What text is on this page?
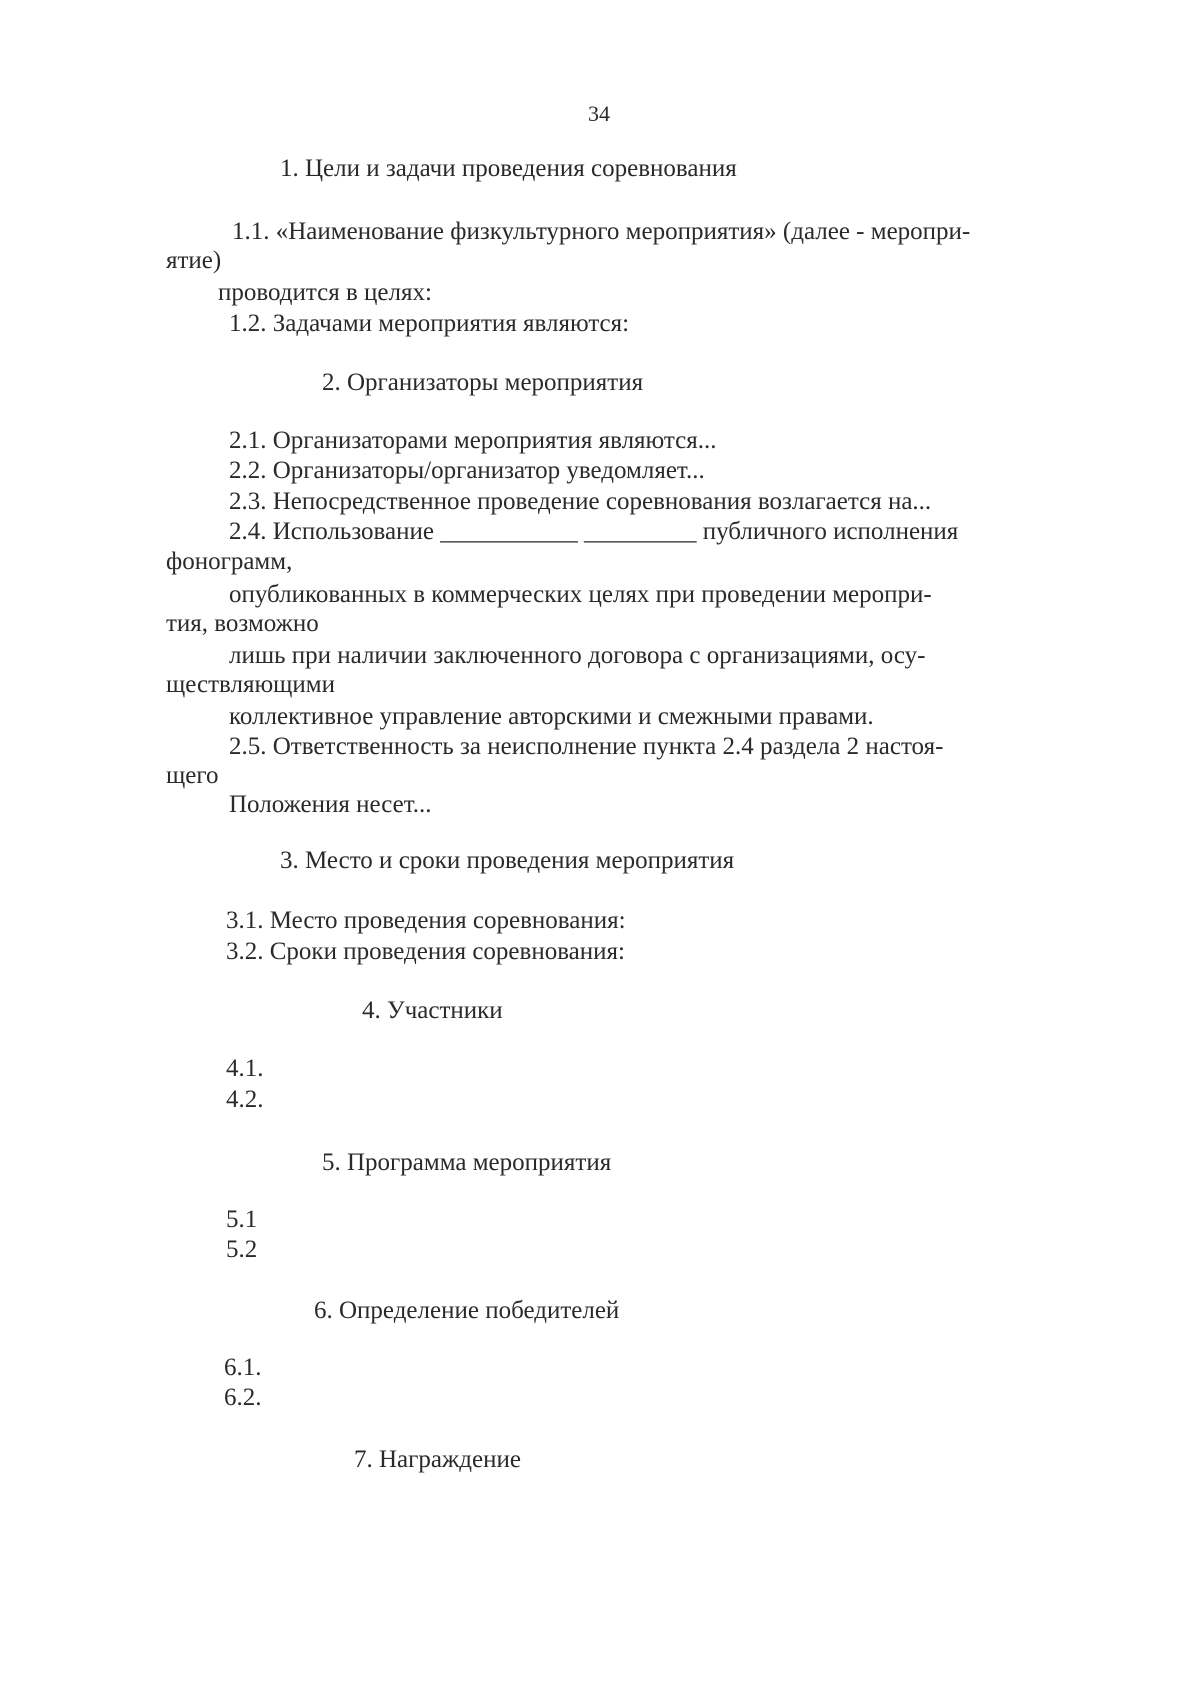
34
1. Цели и задачи проведения соревнования
1.1. «Наименование физкультурного мероприятия» (далее - меропри-
ятие)
проводится в целях:
1.2. Задачами мероприятия являются:
2. Организаторы мероприятия
2.1. Организаторами мероприятия являются...
2.2. Организаторы/организатор уведомляет...
2.3. Непосредственное проведение соревнования возлагается на...
2.4. Использование ___________ _________ публичного исполнения
фонограмм,
опубликованных в коммерческих целях при проведении меропри-
тия, возможно
лишь при наличии заключенного договора с организациями, осу-
ществляющими
коллективное управление авторскими и смежными правами.
2.5. Ответственность за неисполнение пункта 2.4 раздела 2 настоя-
щего
Положения несет...
3. Место и сроки проведения мероприятия
3.1. Место проведения соревнования:
3.2. Сроки проведения соревнования:
4. Участники
4.1.
4.2.
5. Программа мероприятия
5.1
5.2
6. Определение победителей
6.1.
6.2.
7. Награждение
